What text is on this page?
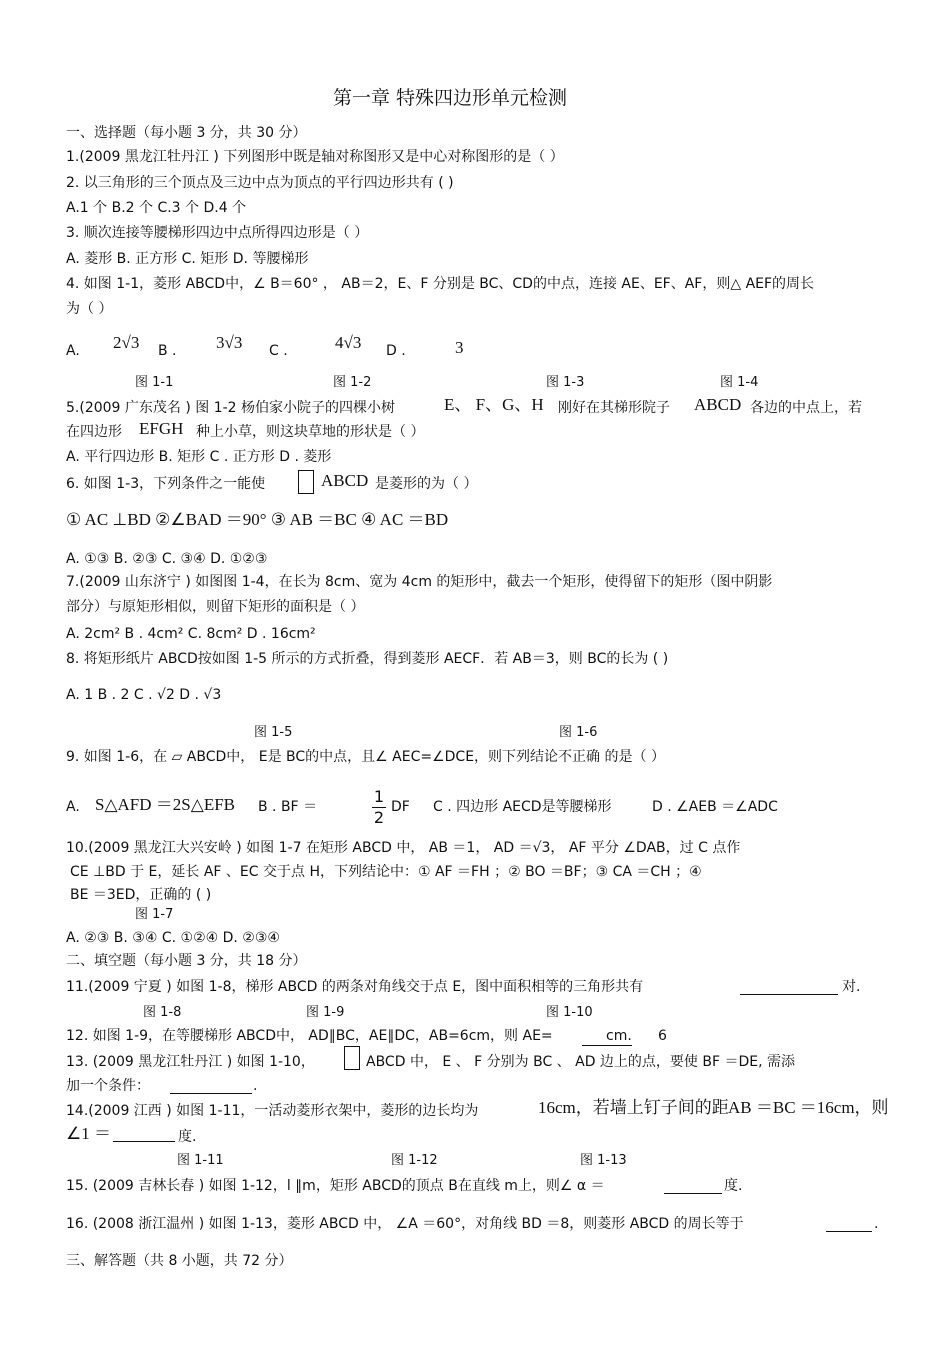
第一章 特殊四边形单元检测
一、选择题（每小题 3 分，共 30 分）
1.(2009 黑龙江牡丹江 ) 下列图形中既是轴对称图形又是中心对称图形的是（ ）
2. 以三角形的三个顶点及三边中点为顶点的平行四边形共有 ( )
A.1 个 B.2 个 C.3 个 D.4 个
3. 顺次连接等腰梯形四边中点所得四边形是（ ）
A. 菱形 B. 正方形 C. 矩形 D. 等腰梯形
4. 如图 1-1，菱形 ABCD中，∠ B＝60° ， AB＝2，E、F 分别是 BC、CD的中点，连接 AE、EF、AF，则△ AEF的周长
为（ ）
A. 2√3 B . 3√3 C .	4√3 D .	3
图 1-1	图 1-2	图 1-3	图 1-4
5.(2009 广东茂名 ) 图 1-2 杨伯家小院子的四棵小树	E、 F、G、H 刚好在其梯形院子 ABCD 各边的中点上，若
在四边形 EFGH 种上小草，则这块草地的形状是（ ）
A. 平行四边形 B. 矩形 C . 正方形 D . 菱形
6. 如图 1-3，下列条件之一能使	ABCD 是菱形的为（ ）
① AC ⊥BD ②∠BAD ＝90° ③ AB ＝BC ④ AC ＝BD
A. ①③ B. ②③ C. ③④ D. ①②③
7.(2009 山东济宁 ) 如图图 1-4，在长为 8cm、宽为 4cm 的矩形中，截去一个矩形，使得留下的矩形（图中阴影
部分）与原矩形相似，则留下矩形的面积是（ ）
A. 2cm² B . 4cm² C. 8cm² D . 16cm²
8. 将矩形纸片 ABCD按如图 1-5 所示的方式折叠，得到菱形 AECF．若 AB＝3，则 BC的长为 ( )
A. 1 B . 2 C . √2 D . √3
图 1-5	图 1-6
9. 如图 1-6，在 ▱ ABCD中， E是 BC的中点，且∠ AEC=∠DCE，则下列结论不正确 的是（ ）
A. S△AFD ＝2S△EFB B . BF ＝
1
2
DF C . 四边形 AECD是等腰梯形	D . ∠AEB ＝∠ADC
10.(2009 黑龙江大兴安岭 ) 如图 1-7 在矩形 ABCD 中， AB ＝1， AD ＝√3， AF 平分 ∠DAB，过 C 点作
CE ⊥BD 于 E，延长 AF 、EC 交于点 H，下列结论中：① AF ＝FH ；② BO ＝BF；③ CA ＝CH ；④
BE ＝3ED，正确的 ( )
图 1-7
A. ②③ B. ③④ C. ①②④ D. ②③④
二、填空题（每小题 3 分，共 18 分）
11.(2009 宁夏 ) 如图 1-8，梯形 ABCD 的两条对角线交于点 E，图中面积相等的三角形共有	对.
图 1-8	图 1-9	图 1-10
12. 如图 1-9，在等腰梯形 ABCD中， AD∥BC，AE∥DC，AB=6cm，则 AE=	cm. 6
13. (2009 黑龙江牡丹江 ) 如图 1-10，	ABCD 中， E 、 F 分别为 BC 、 AD 边上的点，要使 BF ＝DE, 需添
加一个条件：	.
14.(2009 江西 ) 如图 1-11，一活动菱形衣架中，菱形的边长均为	16cm，若墙上钉子间的距 AB ＝BC ＝16cm，则
∠1 ＝	度.
图 1-11	图 1-12	图 1-13
15. (2009 吉林长春 ) 如图 1-12，l ∥m，矩形 ABCD的顶点 B在直线 m上，则∠ α ＝	度.
16. (2008 浙江温州 ) 如图 1-13，菱形 ABCD 中， ∠A ＝60°，对角线 BD ＝8，则菱形 ABCD 的周长等于	.
三、解答题（共 8 小题，共 72 分）
